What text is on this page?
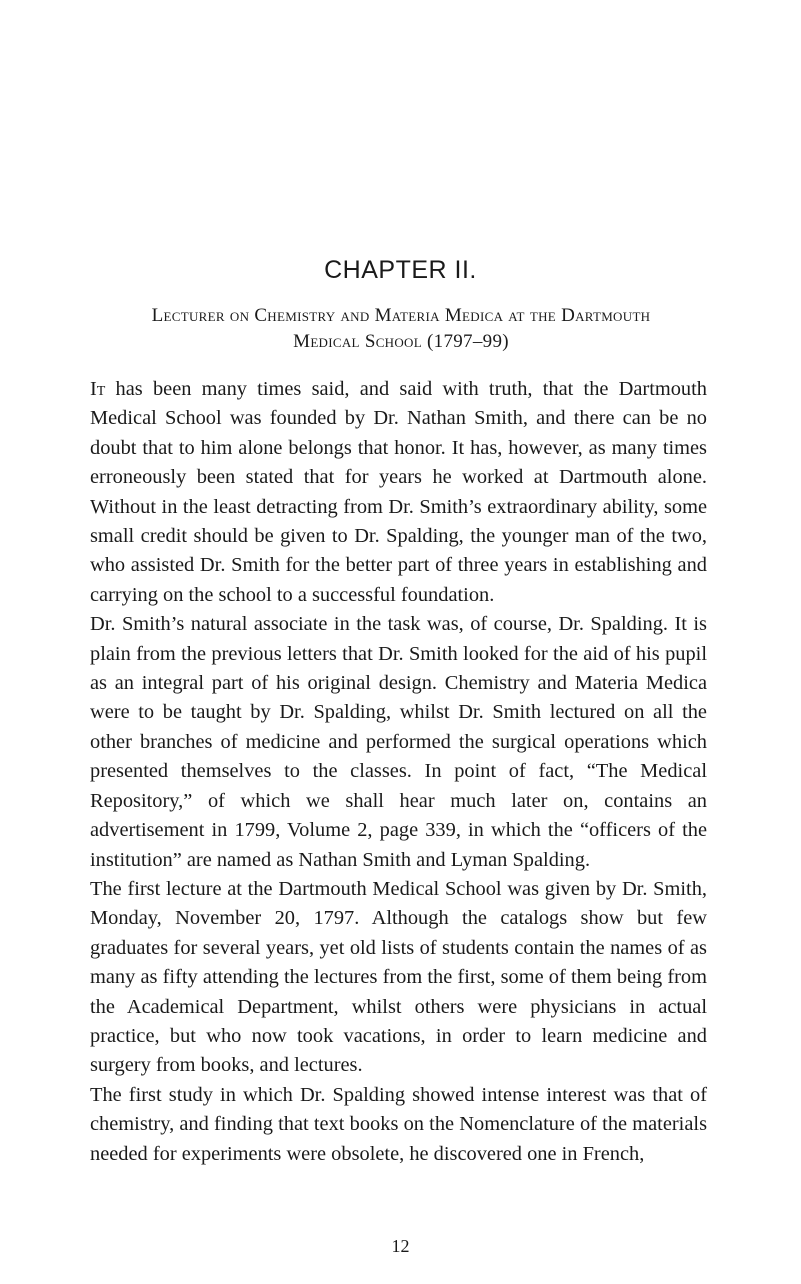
CHAPTER II.
Lecturer on Chemistry and Materia Medica at the Dartmouth
Medical School (1797–99)

It has been many times said, and said with truth, that the Dartmouth Medical School was founded by Dr. Nathan Smith, and there can be no doubt that to him alone belongs that honor. It has, however, as many times erroneously been stated that for years he worked at Dartmouth alone. Without in the least detracting from Dr. Smith’s extraordinary ability, some small credit should be given to Dr. Spalding, the younger man of the two, who assisted Dr. Smith for the better part of three years in establishing and carrying on the school to a successful foundation.

Dr. Smith’s natural associate in the task was, of course, Dr. Spalding. It is plain from the previous letters that Dr. Smith looked for the aid of his pupil as an integral part of his original design. Chemistry and Materia Medica were to be taught by Dr. Spalding, whilst Dr. Smith lectured on all the other branches of medicine and performed the surgical operations which presented themselves to the classes. In point of fact, “The Medical Repository,” of which we shall hear much later on, contains an advertisement in 1799, Volume 2, page 339, in which the “officers of the institution” are named as Nathan Smith and Lyman Spalding.

The first lecture at the Dartmouth Medical School was given by Dr. Smith, Monday, November 20, 1797. Although the catalogs show but few graduates for several years, yet old lists of students contain the names of as many as fifty attending the lectures from the first, some of them being from the Academical Department, whilst others were physicians in actual practice, but who now took vacations, in order to learn medicine and surgery from books, and lectures.

The first study in which Dr. Spalding showed intense interest was that of chemistry, and finding that text books on the Nomenclature of the materials needed for experiments were obsolete, he discovered one in French,

12
